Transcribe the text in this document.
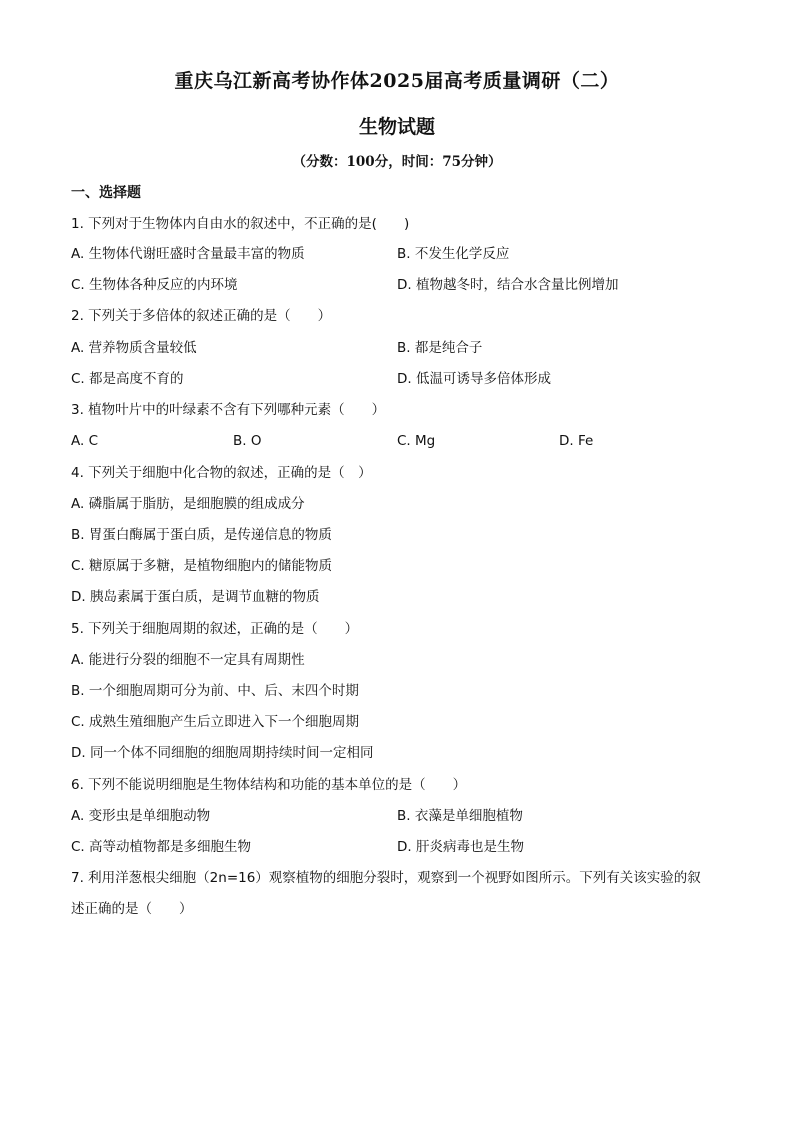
重庆乌江新高考协作体2025届高考质量调研（二）
生物试题
（分数：100分，时间：75分钟）
一、选择题
1. 下列对于生物体内自由水的叙述中，不正确的是(　　)
A. 生物体代谢旺盛时含量最丰富的物质	B. 不发生化学反应
C. 生物体各种反应的内环境	D. 植物越冬时，结合水含量比例增加
2. 下列关于多倍体的叙述正确的是（　　）
A. 营养物质含量较低	B. 都是纯合子
C. 都是高度不育的	D. 低温可诱导多倍体形成
3. 植物叶片中的叶绿素不含有下列哪种元素（　　）
A. C	B. O	C. Mg	D. Fe
4. 下列关于细胞中化合物的叙述，正确的是（　）
A. 磷脂属于脂肪，是细胞膜的组成成分
B. 胃蛋白酶属于蛋白质，是传递信息的物质
C. 糖原属于多糖，是植物细胞内的储能物质
D. 胰岛素属于蛋白质，是调节血糖的物质
5. 下列关于细胞周期的叙述，正确的是（　　）
A. 能进行分裂的细胞不一定具有周期性
B. 一个细胞周期可分为前、中、后、末四个时期
C. 成熟生殖细胞产生后立即进入下一个细胞周期
D. 同一个体不同细胞的细胞周期持续时间一定相同
6. 下列不能说明细胞是生物体结构和功能的基本单位的是（　　）
A. 变形虫是单细胞动物	B. 衣藻是单细胞植物
C. 高等动植物都是多细胞生物	D. 肝炎病毒也是生物
7. 利用洋葱根尖细胞（2n=16）观察植物的细胞分裂时，观察到一个视野如图所示。下列有关该实验的叙
述正确的是（　　）
